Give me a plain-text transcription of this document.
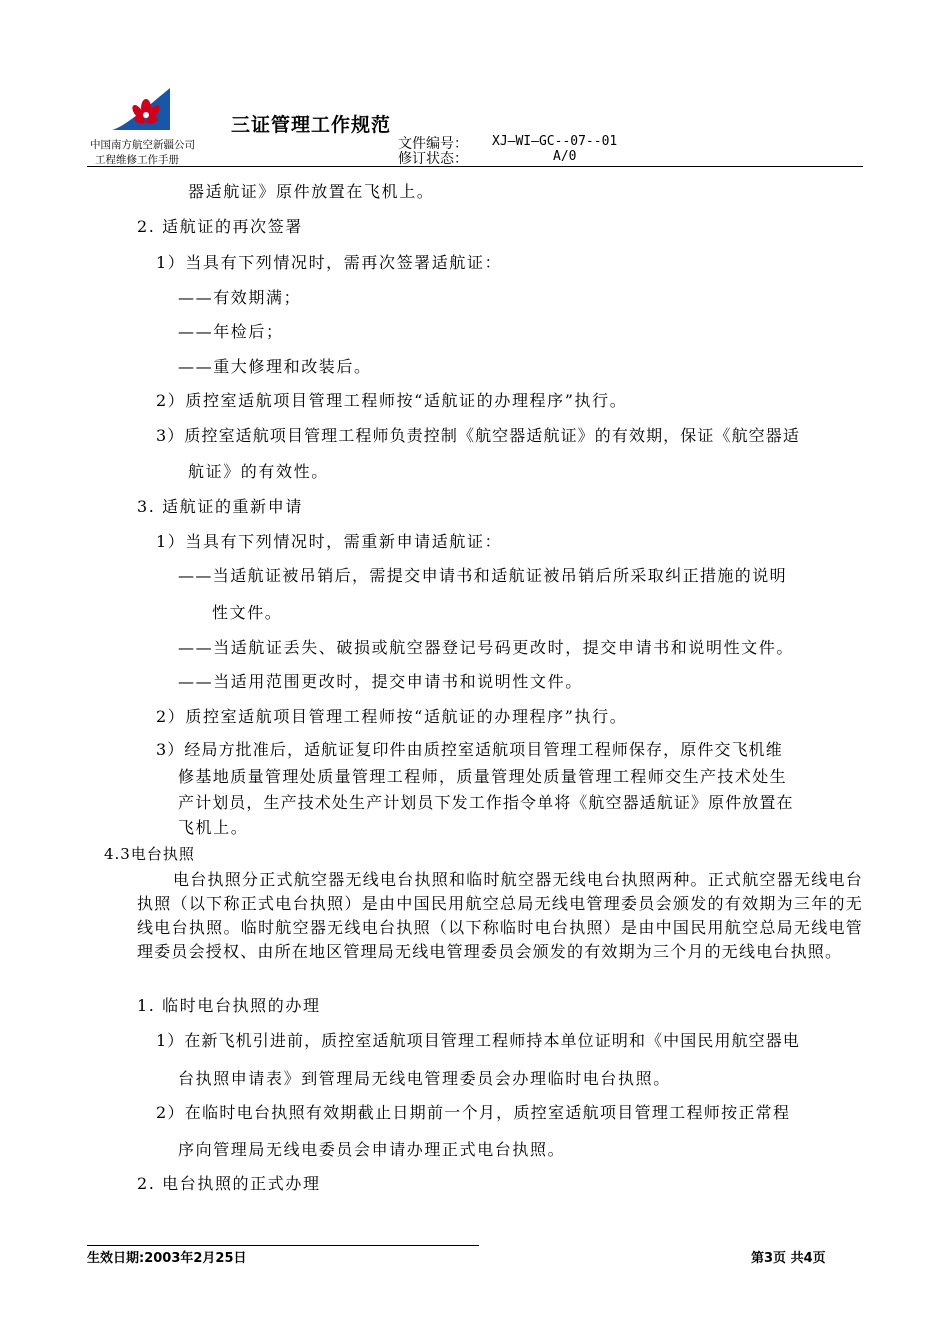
三证管理工作规范
中国南方航空新疆公司
工程维修工作手册
文件编号： XJ—WI—GC--07--01
修订状态：	A/0
器适航证》原件放置在飞机上。
2. 适航证的再次签署
1）当具有下列情况时，需再次签署适航证：
——有效期满；
——年检后；
——重大修理和改装后。
2）质控室适航项目管理工程师按“适航证的办理程序”执行。
3）质控室适航项目管理工程师负责控制《航空器适航证》的有效期，保证《航空器适
航证》的有效性。
3. 适航证的重新申请
1）当具有下列情况时，需重新申请适航证：
——当适航证被吊销后，需提交申请书和适航证被吊销后所采取纠正措施的说明
性文件。
——当适航证丢失、破损或航空器登记号码更改时，提交申请书和说明性文件。
——当适用范围更改时，提交申请书和说明性文件。
2）质控室适航项目管理工程师按“适航证的办理程序”执行。
3）经局方批准后，适航证复印件由质控室适航项目管理工程师保存，原件交飞机维
修基地质量管理处质量管理工程师，质量管理处质量管理工程师交生产技术处生
产计划员，生产技术处生产计划员下发工作指令单将《航空器适航证》原件放置在
飞机上。
4.3电台执照
电台执照分正式航空器无线电台执照和临时航空器无线电台执照两种。正式航空器无线电台执照（以下称正式电台执照）是由中国民用航空总局无线电管理委员会颁发的有效期为三年的无线电台执照。临时航空器无线电台执照（以下称临时电台执照）是由中国民用航空总局无线电管理委员会授权、由所在地区管理局无线电管理委员会颁发的有效期为三个月的无线电台执照。
1. 临时电台执照的办理
1）在新飞机引进前，质控室适航项目管理工程师持本单位证明和《中国民用航空器电
台执照申请表》到管理局无线电管理委员会办理临时电台执照。
2）在临时电台执照有效期截止日期前一个月，质控室适航项目管理工程师按正常程
序向管理局无线电委员会申请办理正式电台执照。
2. 电台执照的正式办理
生效日期:2003年2月25日	第3页 共4页
